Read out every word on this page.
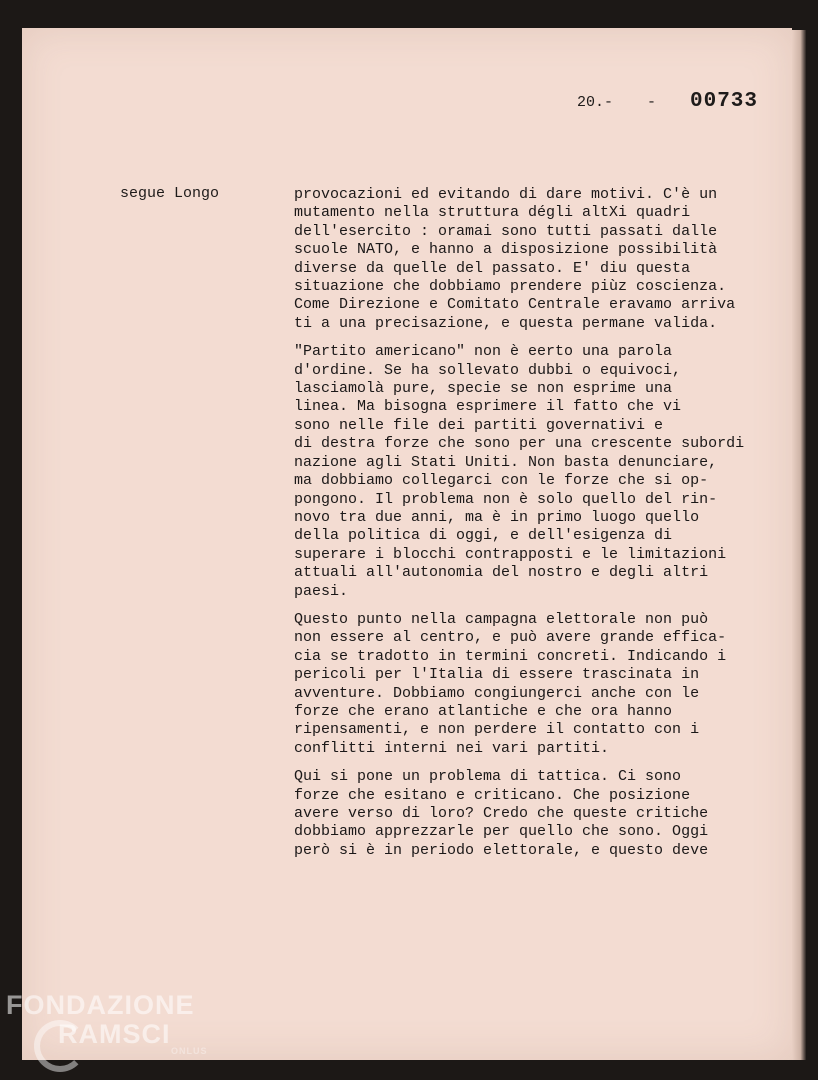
20.- - 00733
segue Longo	provocazioni ed evitando di dare motivi. C'è un
mutamento nella struttura dégli altXi quadri
dell'esercito : oramai sono tutti passati dalle
scuole NATO, e hanno a disposizione possibilità
diverse da quelle del passato. E' diu questa
situazione che dobbiamo prendere piùz coscienza.
Come Direzione e Comitato Centrale eravamo arriva
ti a una precisazione, e questa permane valida.
"Partito americano" non è eerto una parola
d'ordine. Se ha sollevato dubbi o equivoci,
lasciamolà pure, specie se non esprime una
linea. Ma bisogna esprimere il fatto che vi
sono nelle file dei partiti governativi e
di destra forze che sono per una crescente subordi
nazione agli Stati Uniti. Non basta denunciare,
ma dobbiamo collegarci con le forze che si op-
pongono. Il problema non è solo quello del rin-
novo tra due anni, ma è in primo luogo quello
della politica di oggi, e dell'esigenza di
superare i blocchi contrapposti e le limitazioni
attuali all'autonomia del nostro e degli altri
paesi.
Questo punto nella campagna elettorale non può
non essere al centro, e può avere grande effica-
cia se tradotto in termini concreti. Indicando i
pericoli per l'Italia di essere trascinata in
avventure. Dobbiamo congiungerci anche con le
forze che erano atlantiche e che ora hanno
ripensamenti, e non perdere il contatto con i
conflitti interni nei vari partiti.
Qui si pone un problema di tattica. Ci sono
forze che esitano e criticano. Che posizione
avere verso di loro? Credo che queste critiche
dobbiamo apprezzarle per quello che sono. Oggi
però si è in periodo elettorale, e questo deve
FONDAZIONE
RAMSCI
ONLUS
